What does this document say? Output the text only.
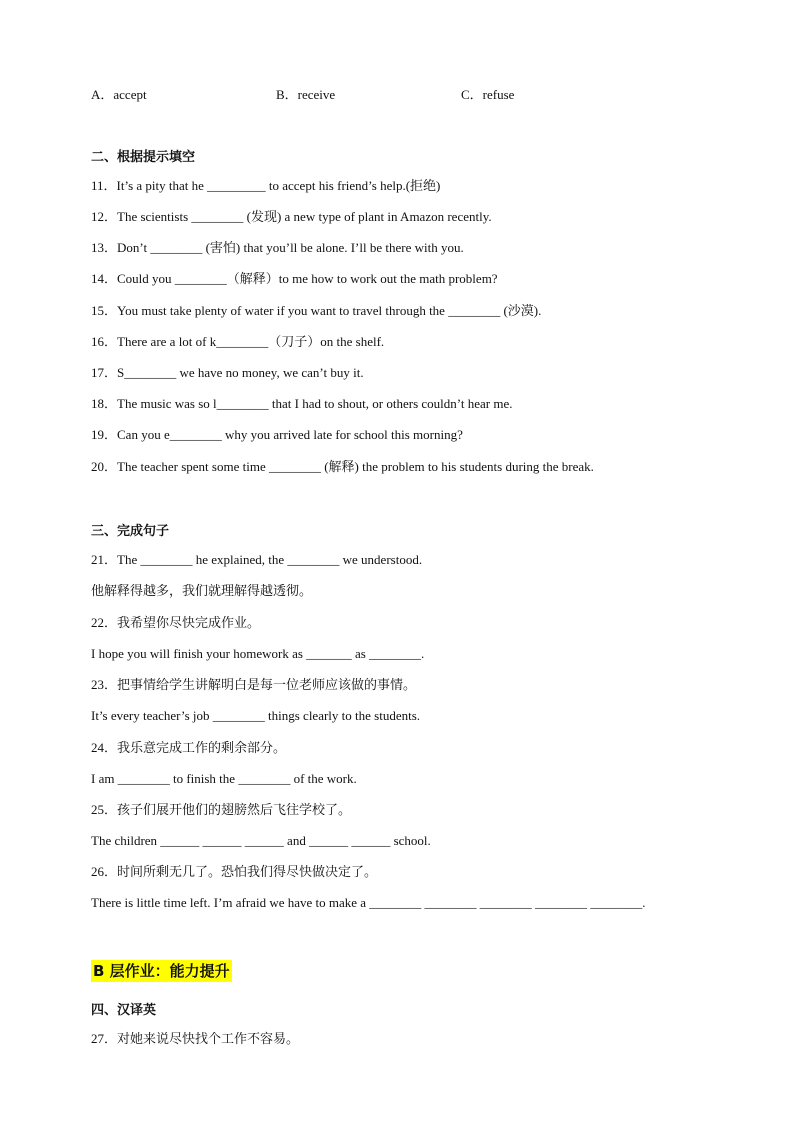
A．accept	B．receive	C．refuse
二、根据提示填空
11．It’s a pity that he _________ to accept his friend’s help.(拒绝)
12．The scientists ________ (发现) a new type of plant in Amazon recently.
13．Don’t ________ (害怕) that you’ll be alone. I’ll be there with you.
14．Could you ________（解释）to me how to work out the math problem?
15．You must take plenty of water if you want to travel through the ________ (沙漠).
16．There are a lot of k________（刀子）on the shelf.
17．S________ we have no money, we can’t buy it.
18．The music was so l________ that I had to shout, or others couldn’t hear me.
19．Can you e________ why you arrived late for school this morning?
20．The teacher spent some time ________ (解释) the problem to his students during the break.
三、完成句子
21．The ________ he explained, the ________ we understood.
他解释得越多，我们就理解得越透彻。
22．我希望你尽快完成作业。
I hope you will finish your homework as _______ as ________.
23．把事情给学生讲解明白是每一位老师应该做的事情。
It’s every teacher’s job ________ things clearly to the students.
24．我乐意完成工作的剩余部分。
I am ________ to finish the ________ of the work.
25．孩子们展开他们的翅膀然后飞往学校了。
The children ______ ______ ______ and ______ ______ school.
26．时间所剩无几了。恐怕我们得尽快做决定了。
There is little time left. I’m afraid we have to make a ________ ________ ________ ________ ________.
B 层作业：能力提升
四、汉译英
27．对她来说尽快找个工作不容易。
